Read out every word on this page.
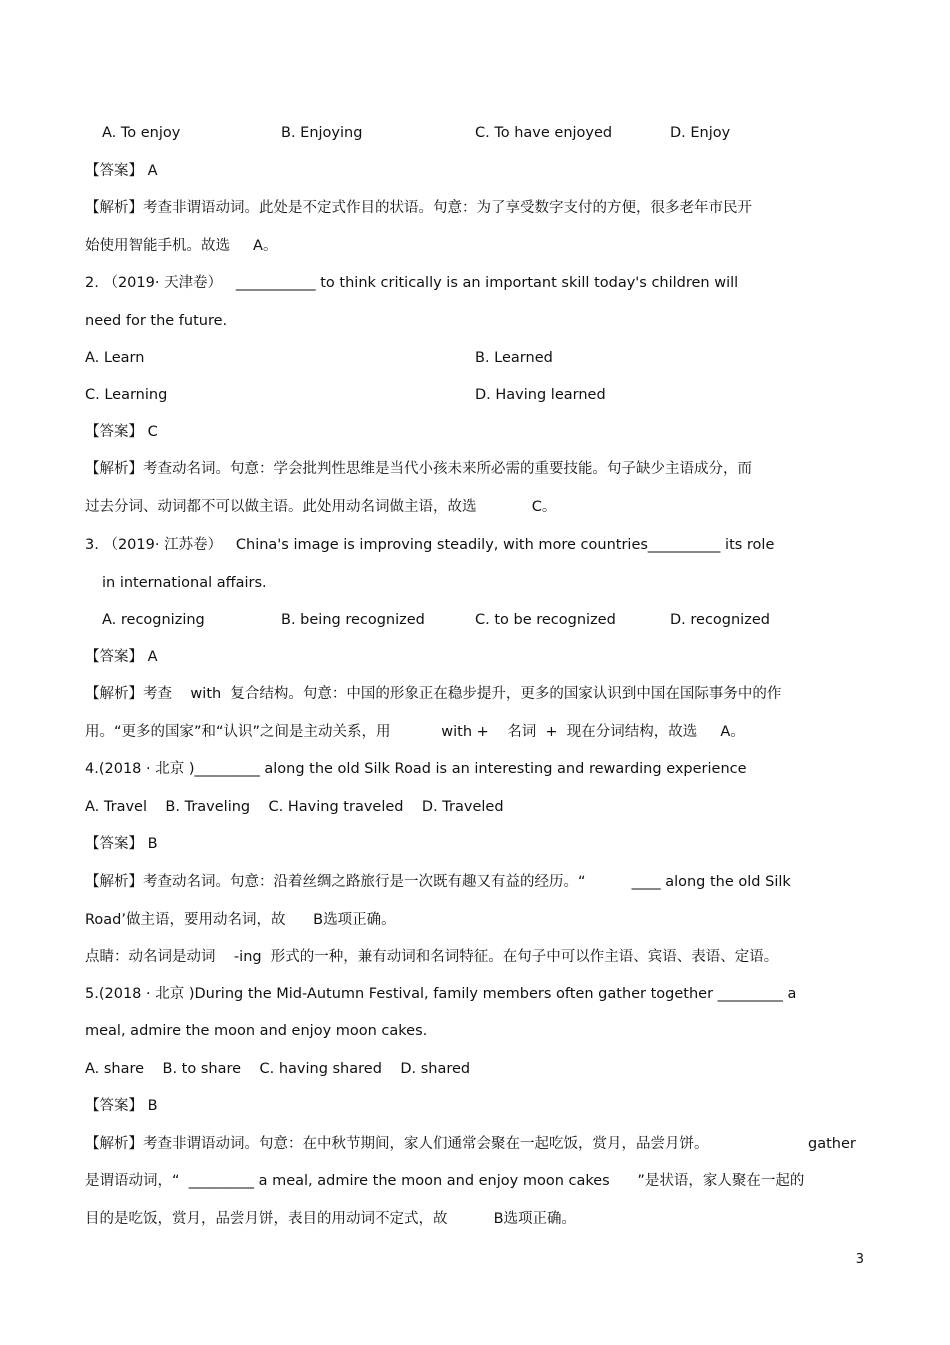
A. To enjoy	B. Enjoying	C. To have enjoyed	D. Enjoy
【答案】 A
【解析】考查非谓语动词。此处是不定式作目的状语。句意：为了享受数字支付的方便，很多老年市民开
始使用智能手机。故选     A。
2. （2019· 天津卷）   ___________ to think critically is an important skill today's children will
need for the future.
A. Learn	B. Learned
C. Learning	D. Having learned
【答案】 C
【解析】考查动名词。句意：学会批判性思维是当代小孩未来所必需的重要技能。句子缺少主语成分，而
过去分词、动词都不可以做主语。此处用动名词做主语，故选            C。
3. （2019· 江苏卷）   China's image is improving steadily, with more countries__________ its role
in international affairs.
A. recognizing	B. being recognized	C. to be recognized	D. recognized
【答案】 A
【解析】考查    with  复合结构。句意：中国的形象正在稳步提升，更多的国家认识到中国在国际事务中的作
用。“更多的国家”和“认识”之间是主动关系，用           with +    名词  +  现在分词结构，故选     A。
4.(2018 · 北京 )_________ along the old Silk Road is an interesting and rewarding experience
A. Travel    B. Traveling    C. Having traveled    D. Traveled
【答案】 B
【解析】考查动名词。句意：沿着丝绸之路旅行是一次既有趣又有益的经历。“          ____ along the old Silk
Road’做主语，要用动名词，故      B选项正确。
点睛：动名词是动词    -ing  形式的一种，兼有动词和名词特征。在句子中可以作主语、宾语、表语、定语。
5.(2018 · 北京 )During the Mid-Autumn Festival, family members often gather together _________ a
meal, admire the moon and enjoy moon cakes.
A. share    B. to share    C. having shared    D. shared
【答案】 B
【解析】考查非谓语动词。句意：在中秋节期间，家人们通常会聚在一起吃饭，赏月，品尝月饼。	gather
是谓语动词，“  _________ a meal, admire the moon and enjoy moon cakes      ”是状语，家人聚在一起的
目的是吃饭，赏月，品尝月饼，表目的用动词不定式，故          B选项正确。
3
